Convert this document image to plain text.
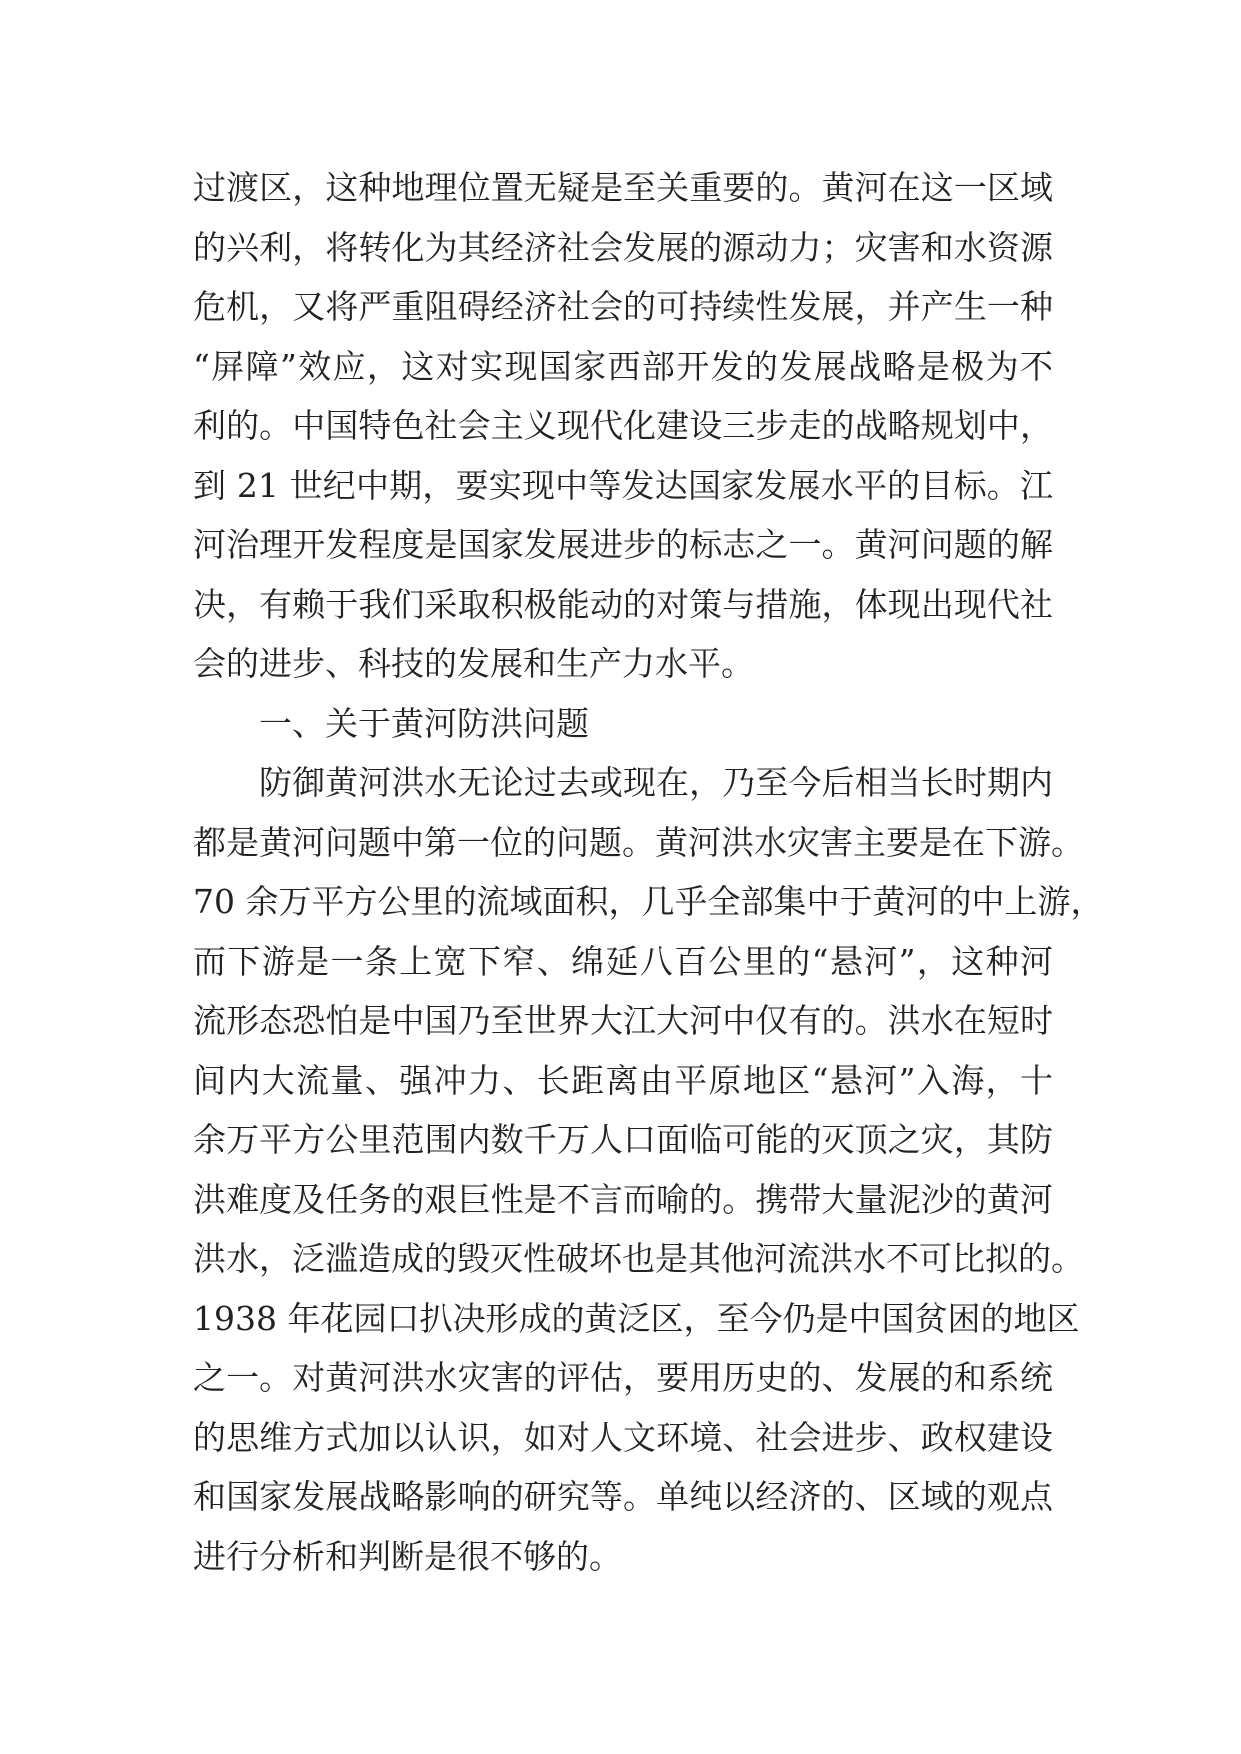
过渡区，这种地理位置无疑是至关重要的。黄河在这一区域
的兴利，将转化为其经济社会发展的源动力；灾害和水资源
危机，又将严重阻碍经济社会的可持续性发展，并产生一种
“屏障”效应，这对实现国家西部开发的发展战略是极为不
利的。中国特色社会主义现代化建设三步走的战略规划中，
到 21 世纪中期，要实现中等发达国家发展水平的目标。江
河治理开发程度是国家发展进步的标志之一。黄河问题的解
决，有赖于我们采取积极能动的对策与措施，体现出现代社
会的进步、科技的发展和生产力水平。
一、关于黄河防洪问题
防御黄河洪水无论过去或现在，乃至今后相当长时期内
都是黄河问题中第一位的问题。黄河洪水灾害主要是在下游。
70 余万平方公里的流域面积，几乎全部集中于黄河的中上游，
而下游是一条上宽下窄、绵延八百公里的“悬河”，这种河
流形态恐怕是中国乃至世界大江大河中仅有的。洪水在短时
间内大流量、强冲力、长距离由平原地区“悬河”入海，十
余万平方公里范围内数千万人口面临可能的灭顶之灾，其防
洪难度及任务的艰巨性是不言而喻的。携带大量泥沙的黄河
洪水，泛滥造成的毁灭性破坏也是其他河流洪水不可比拟的。
1938 年花园口扒决形成的黄泛区，至今仍是中国贫困的地区
之一。对黄河洪水灾害的评估，要用历史的、发展的和系统
的思维方式加以认识，如对人文环境、社会进步、政权建设
和国家发展战略影响的研究等。单纯以经济的、区域的观点
进行分析和判断是很不够的。
